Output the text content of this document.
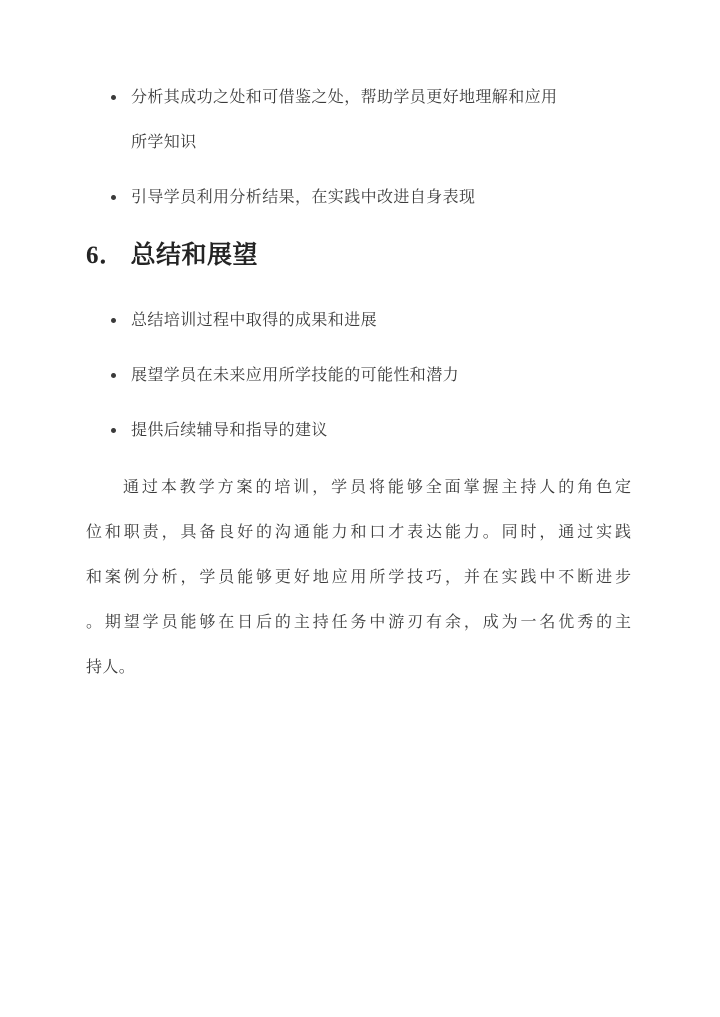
分析其成功之处和可借鉴之处，帮助学员更好地理解和应用
所学知识
引导学员利用分析结果，在实践中改进自身表现
6． 总结和展望
总结培训过程中取得的成果和进展
展望学员在未来应用所学技能的可能性和潜力
提供后续辅导和指导的建议
通过本教学方案的培训，学员将能够全面掌握主持人的角色定
位和职责，具备良好的沟通能力和口才表达能力。同时，通过实践
和案例分析，学员能够更好地应用所学技巧，并在实践中不断进步
。期望学员能够在日后的主持任务中游刃有余，成为一名优秀的主
持人。
